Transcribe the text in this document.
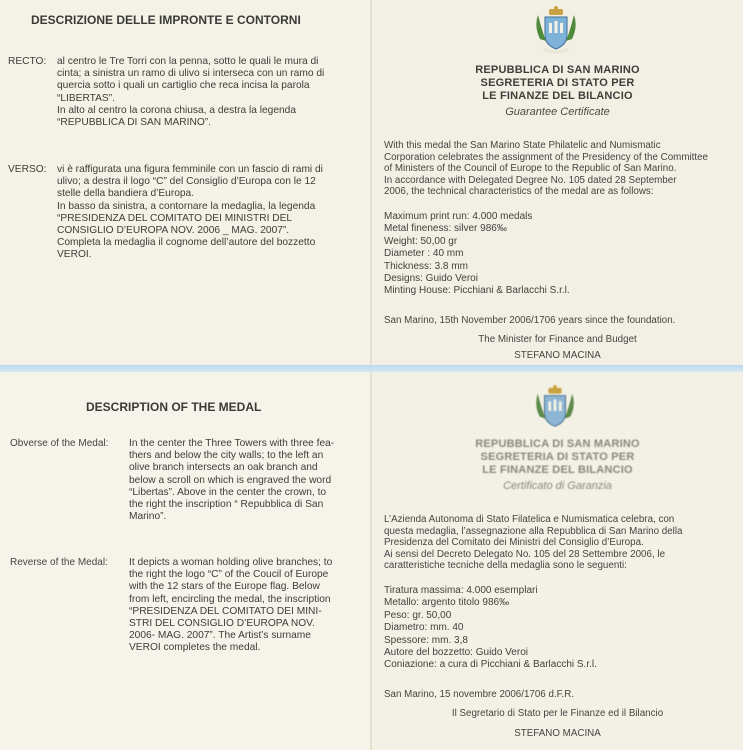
DESCRIZIONE DELLE IMPRONTE E CONTORNI
RECTO: al centro le Tre Torri con la penna, sotto le quali le mura di
cinta; a sinistra un ramo di ulivo si interseca con un ramo di
quercia sotto i quali un cartiglio che reca incisa la parola
“LIBERTAS”.
In alto al centro la corona chiusa, a destra la legenda
“REPUBBLICA DI SAN MARINO”.
VERSO: vi è raffigurata una figura femminile con un fascio di rami di
ulivo; a destra il logo “C” del Consiglio d’Europa con le 12
stelle della bandiera d’Europa.
In basso da sinistra, a contornare la medaglia, la legenda
“PRESIDENZA DEL COMITATO DEI MINISTRI DEL
CONSIGLIO D’EUROPA NOV. 2006 _ MAG. 2007”.
Completa la medaglia il cognome dell’autore del bozzetto
VEROI.
REPUBBLICA DI SAN MARINO
SEGRETERIA DI STATO PER
LE FINANZE DEL BILANCIO
Guarantee Certificate
With this medal the San Marino State Philatelic and Numismatic
Corporation celebrates the assignment of the Presidency of the Committee
of Ministers of the Council of Europe to the Republic of San Marino.
In accordance with Delegated Degree No. 105 dated 28 September
2006, the technical characteristics of the medal are as follows:
Maximum print run: 4.000 medals
Metal fineness: silver 986‰
Weight: 50,00 gr
Diameter : 40 mm
Thickness: 3.8 mm
Designs: Guido Veroi
Minting House: Picchiani & Barlacchi S.r.l.
San Marino, 15th November 2006/1706 years since the foundation.
The Minister for Finance and Budget
STEFANO MACINA
DESCRIPTION OF THE MEDAL
Obverse of the Medal: In the center the Three Towers with three fea-
thers and below the city walls; to the left an
olive branch intersects an oak branch and
below a scroll on which is engraved the word
“Libertas”. Above in the center the crown, to
the right the inscription “ Repubblica di San
Marino”.
Reverse of the Medal: It depicts a woman holding olive branches; to
the right the logo “C” of the Coucil of Europe
with the 12 stars of the Europe flag. Below
from left, encircling the medal, the inscription
“PRESIDENZA DEL COMITATO DEI MINI-
STRI DEL CONSIGLIO D’EUROPA NOV.
2006- MAG. 2007”. The Artist’s surname
VEROI completes the medal.
REPUBBLICA DI SAN MARINO
SEGRETERIA DI STATO PER
LE FINANZE DEL BILANCIO
Certificato di Garanzia
L’Azienda Autonoma di Stato Filatelica e Numismatica celebra, con
questa medaglia, l’assegnazione alla Repubblica di San Marino della
Presidenza del Comitato dei Ministri del Consiglio d’Europa.
Ai sensi del Decreto Delegato No. 105 del 28 Settembre 2006, le
caratteristiche tecniche della medaglia sono le seguenti:
Tiratura massima: 4.000 esemplari
Metallo: argento titolo 986‰
Peso: gr. 50,00
Diametro: mm. 40
Spessore: mm. 3,8
Autore del bozzetto: Guido Veroi
Coniazione: a cura di Picchiani & Barlacchi S.r.l.
San Marino, 15 novembre 2006/1706 d.F.R.
Il Segretario di Stato per le Finanze ed il Bilancio
STEFANO MACINA
